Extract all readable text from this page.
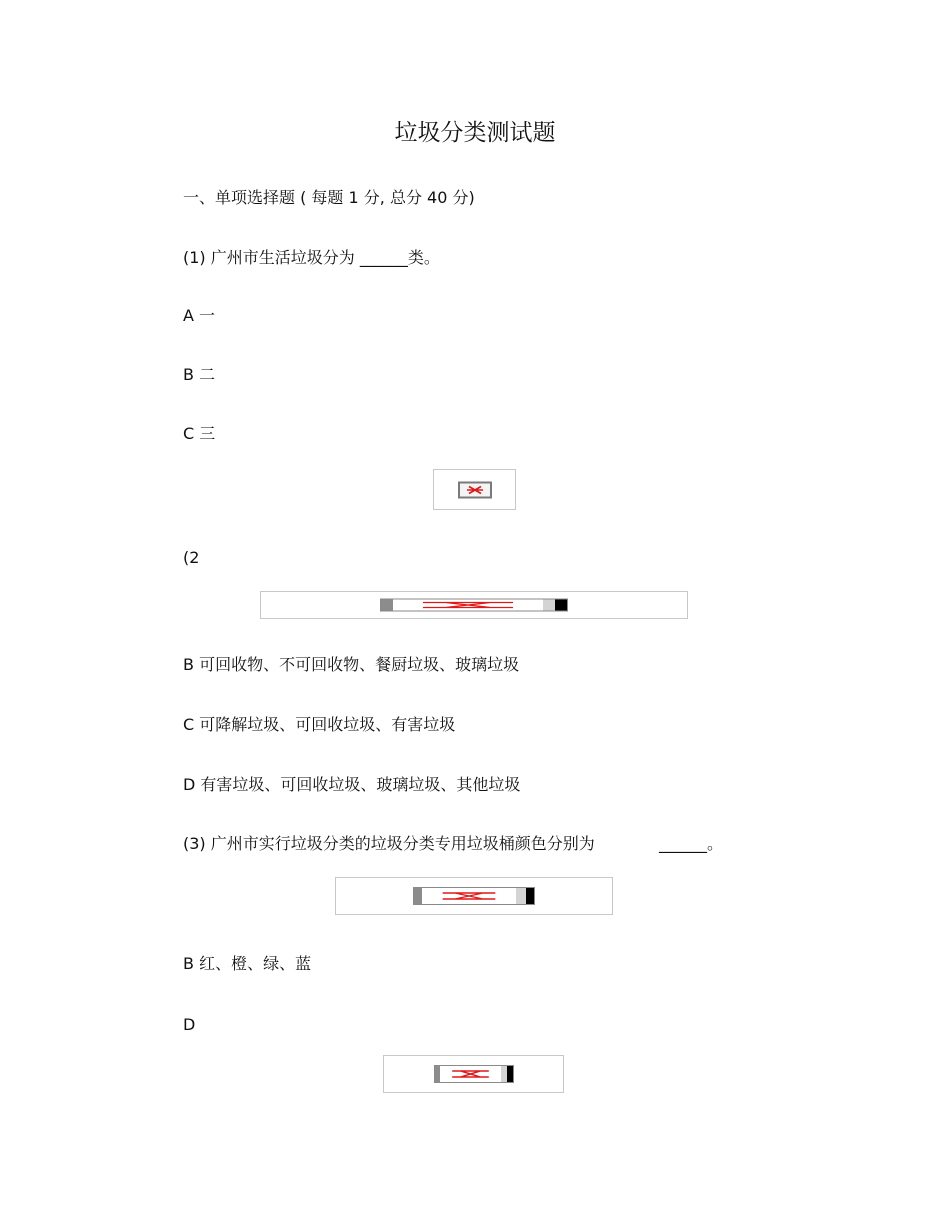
垃圾分类测试题
一、单项选择题 ( 每题 1 分, 总分 40 分)
(1) 广州市生活垃圾分为 ______类。
A 一
B 二
C 三
(2
B 可回收物、不可回收物、餐厨垃圾、玻璃垃圾
C 可降解垃圾、可回收垃圾、有害垃圾
D 有害垃圾、可回收垃圾、玻璃垃圾、其他垃圾
(3) 广州市实行垃圾分类的垃圾分类专用垃圾桶颜色分别为	______。
B 红、橙、绿、蓝
D
